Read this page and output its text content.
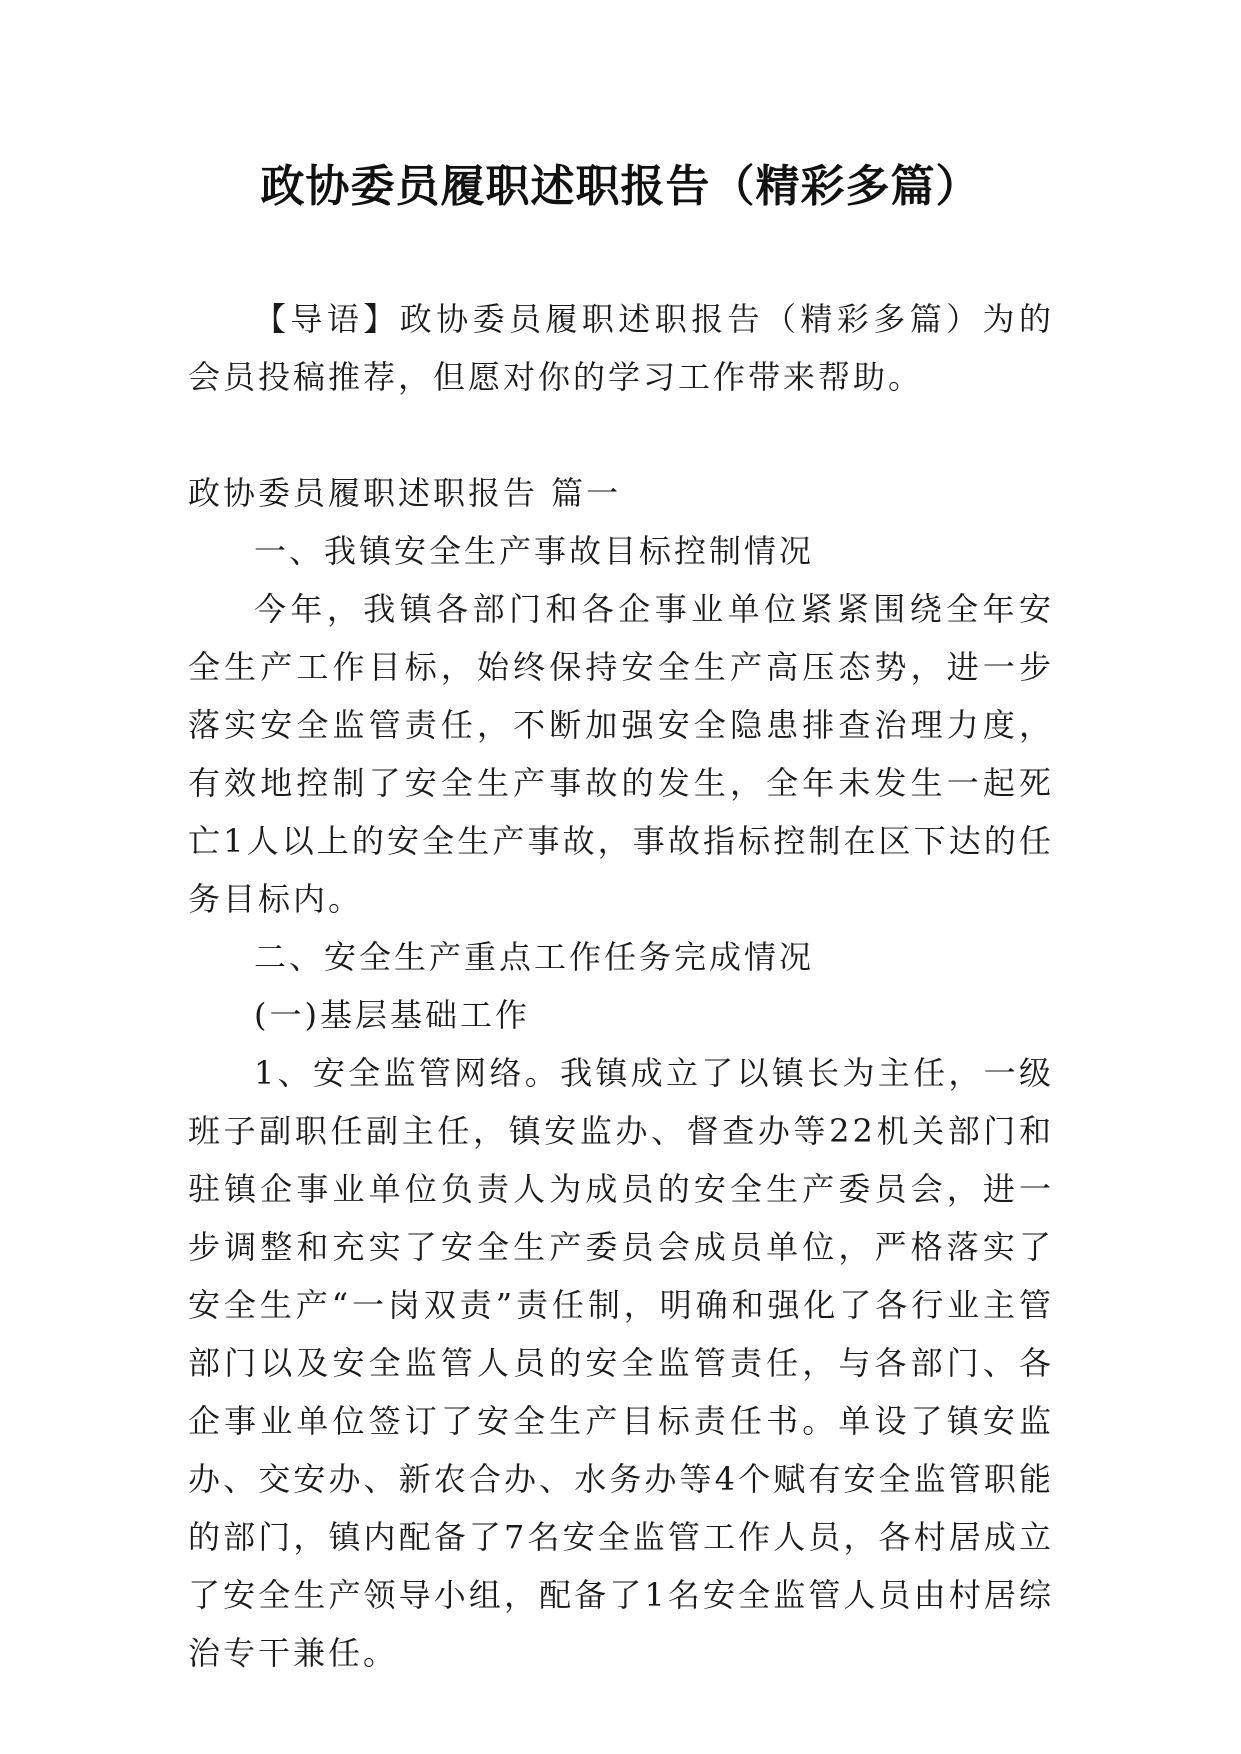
政协委员履职述职报告（精彩多篇）

【导语】政协委员履职述职报告（精彩多篇）为的会员投稿推荐，但愿对你的学习工作带来帮助。

政协委员履职述职报告 篇一

一、我镇安全生产事故目标控制情况

今年，我镇各部门和各企事业单位紧紧围绕全年安全生产工作目标，始终保持安全生产高压态势，进一步落实安全监管责任，不断加强安全隐患排查治理力度，有效地控制了安全生产事故的发生，全年未发生一起死亡1人以上的安全生产事故，事故指标控制在区下达的任务目标内。

二、安全生产重点工作任务完成情况

(一)基层基础工作

1、安全监管网络。我镇成立了以镇长为主任，一级班子副职任副主任，镇安监办、督查办等22机关部门和驻镇企事业单位负责人为成员的安全生产委员会，进一步调整和充实了安全生产委员会成员单位，严格落实了安全生产“一岗双责”责任制，明确和强化了各行业主管部门以及安全监管人员的安全监管责任，与各部门、各企事业单位签订了安全生产目标责任书。单设了镇安监办、交安办、新农合办、水务办等4个赋有安全监管职能的部门，镇内配备了7名安全监管工作人员，各村居成立了安全生产领导小组，配备了1名安全监管人员由村居综治专干兼任。
